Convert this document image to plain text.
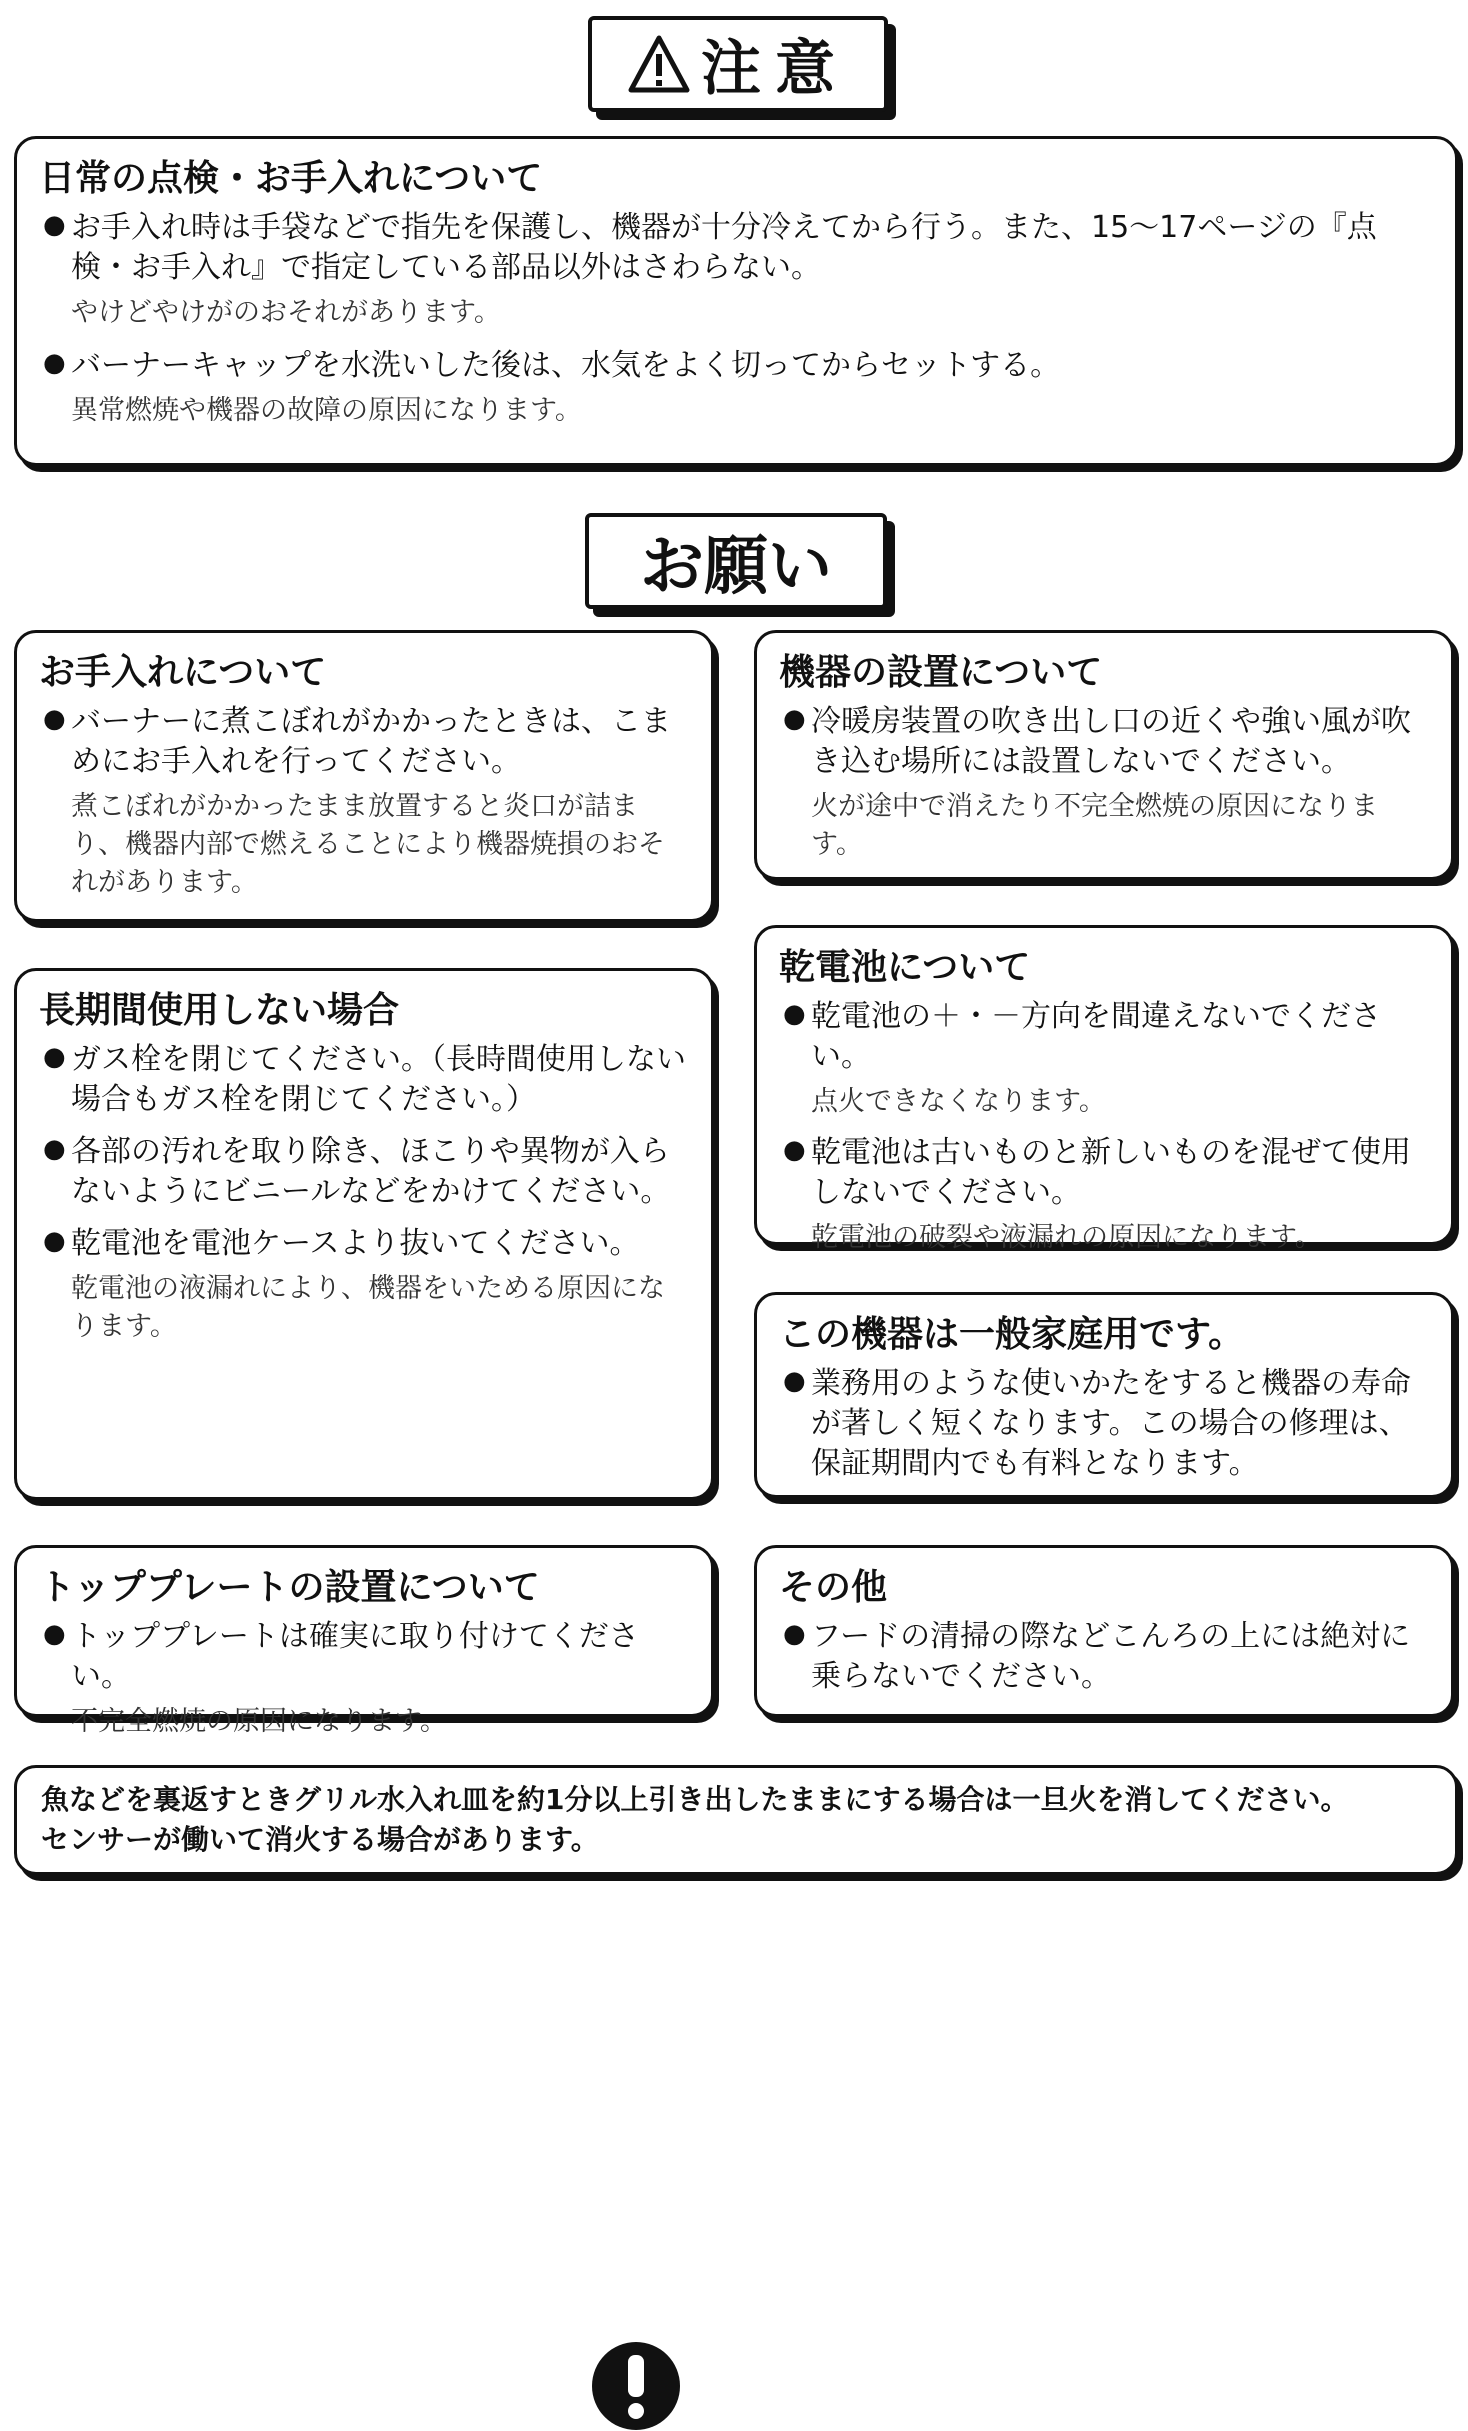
注意
日常の点検・お手入れについて
● お手入れ時は手袋などで指先を保護し、機器が十分冷えてから行う。また、15～17ページの『点検・お手入れ』で指定している部品以外はさわらない。
やけどやけがのおそれがあります。
● バーナーキャップを水洗いした後は、水気をよく切ってからセットする。
異常燃焼や機器の故障の原因になります。
お願い
お手入れについて
● バーナーに煮こぼれがかかったときは、こまめにお手入れを行ってください。
煮こぼれがかかったまま放置すると炎口が詰まり、機器内部で燃えることにより機器焼損のおそれがあります。
機器の設置について
● 冷暖房装置の吹き出し口の近くや強い風が吹き込む場所には設置しないでください。
火が途中で消えたり不完全燃焼の原因になります。
乾電池について
● 乾電池の＋・－方向を間違えないでください。
点火できなくなります。
● 乾電池は古いものと新しいものを混ぜて使用しないでください。
乾電池の破裂や液漏れの原因になります。
長期間使用しない場合
● ガス栓を閉じてください。（長時間使用しない場合もガス栓を閉じてください。）
● 各部の汚れを取り除き、ほこりや異物が入らないようにビニールなどをかけてください。
● 乾電池を電池ケースより抜いてください。
乾電池の液漏れにより、機器をいためる原因になります。	この機器は一般家庭用です。
● 業務用のような使いかたをすると機器の寿命が著しく短くなります。この場合の修理は、保証期間内でも有料となります。
トッププレートの設置について
● トッププレートは確実に取り付けてください。
不完全燃焼の原因になります。
その他
● フードの清掃の際などこんろの上には絶対に乗らないでください。
魚などを裏返すときグリル水入れ皿を約1分以上引き出したままにする場合は一旦火を消してください。
センサーが働いて消火する場合があります。
